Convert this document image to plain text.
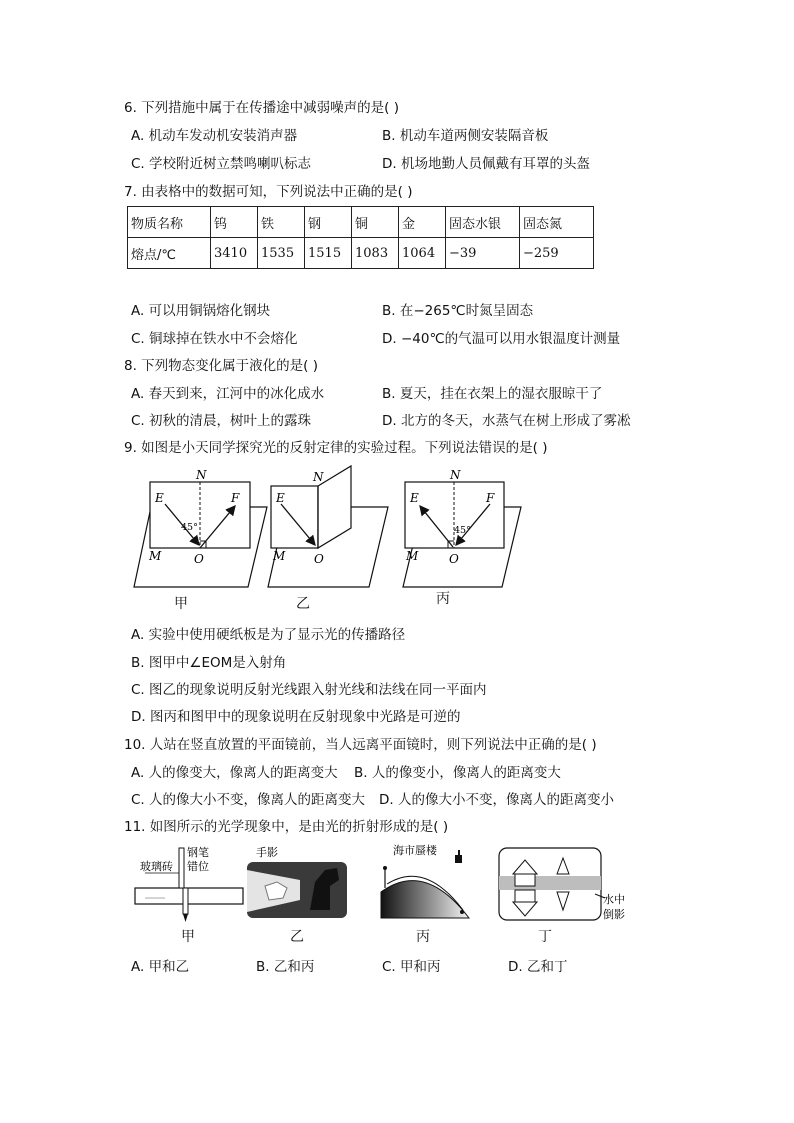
6. 下列措施中属于在传播途中减弱噪声的是( )
A. 机动车发动机安装消声器	B. 机动车道两侧安装隔音板
C. 学校附近树立禁鸣喇叭标志	D. 机场地勤人员佩戴有耳罩的头盔
7. 由表格中的数据可知，下列说法中正确的是( )
物质名称	钨	铁	钢	铜	金	固态水银	固态氮
熔点/℃	3410	1535	1515	1083	1064	−39	−259
A. 可以用铜锅熔化钢块	B. 在−265℃时氮呈固态
C. 铜球掉在铁水中不会熔化	D. −40℃的气温可以用水银温度计测量
8. 下列物态变化属于液化的是( )
A. 春天到来，江河中的冰化成水	B. 夏天，挂在衣架上的湿衣服晾干了
C. 初秋的清晨，树叶上的露珠	D. 北方的冬天，水蒸气在树上形成了雾凇
9. 如图是小天同学探究光的反射定律的实验过程。下列说法错误的是( )
N
E	F
45°
M	O
N
E
M O
N
E	F
45°
M	O
甲	乙	丙
A. 实验中使用硬纸板是为了显示光的传播路径
B. 图甲中∠EOM是入射角
C. 图乙的现象说明反射光线跟入射光线和法线在同一平面内
D. 图丙和图甲中的现象说明在反射现象中光路是可逆的
10. 人站在竖直放置的平面镜前，当人远离平面镜时，则下列说法中正确的是( )
A. 人的像变大，像离人的距离变大 B. 人的像变小，像离人的距离变大
C. 人的像大小不变，像离人的距离变大 D. 人的像大小不变，像离人的距离变小
11. 如图所示的光学现象中，是由光的折射形成的是( )
玻璃砖
钢笔
错位
手影	海市蜃楼
水中
倒影
甲	乙	丙	丁
A. 甲和乙	B. 乙和丙	C. 甲和丙	D. 乙和丁
